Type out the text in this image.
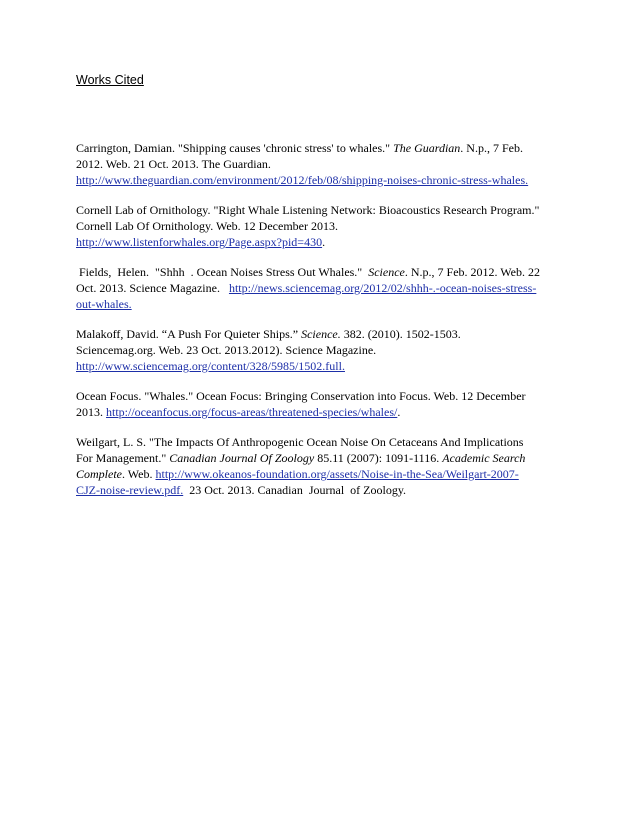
Works Cited
Carrington, Damian. "Shipping causes 'chronic stress' to whales." The Guardian. N.p., 7 Feb.
2012. Web. 21 Oct. 2013. The Guardian.
http://www.theguardian.com/environment/2012/feb/08/shipping-noises-chronic-stress-whales.
Cornell Lab of Ornithology. "Right Whale Listening Network: Bioacoustics Research Program."
Cornell Lab Of Ornithology. Web. 12 December 2013.
http://www.listenforwhales.org/Page.aspx?pid=430.
Fields,  Helen.  "Shhh  . Ocean Noises Stress Out Whales."  Science. N.p., 7 Feb. 2012. Web. 22
Oct. 2013. Science Magazine.   http://news.sciencemag.org/2012/02/shhh-.-ocean-noises-stress-
out-whales.
Malakoff, David. “A Push For Quieter Ships.” Science. 382. (2010). 1502-1503.
Sciencemag.org. Web. 23 Oct. 2013.2012). Science Magazine.
http://www.sciencemag.org/content/328/5985/1502.full.
Ocean Focus. "Whales." Ocean Focus: Bringing Conservation into Focus. Web. 12 December
2013. http://oceanfocus.org/focus-areas/threatened-species/whales/.
Weilgart, L. S. "The Impacts Of Anthropogenic Ocean Noise On Cetaceans And Implications
For Management." Canadian Journal Of Zoology 85.11 (2007): 1091-1116. Academic Search
Complete. Web. http://www.okeanos-foundation.org/assets/Noise-in-the-Sea/Weilgart-2007-
CJZ-noise-review.pdf.  23 Oct. 2013. Canadian  Journal  of Zoology.
